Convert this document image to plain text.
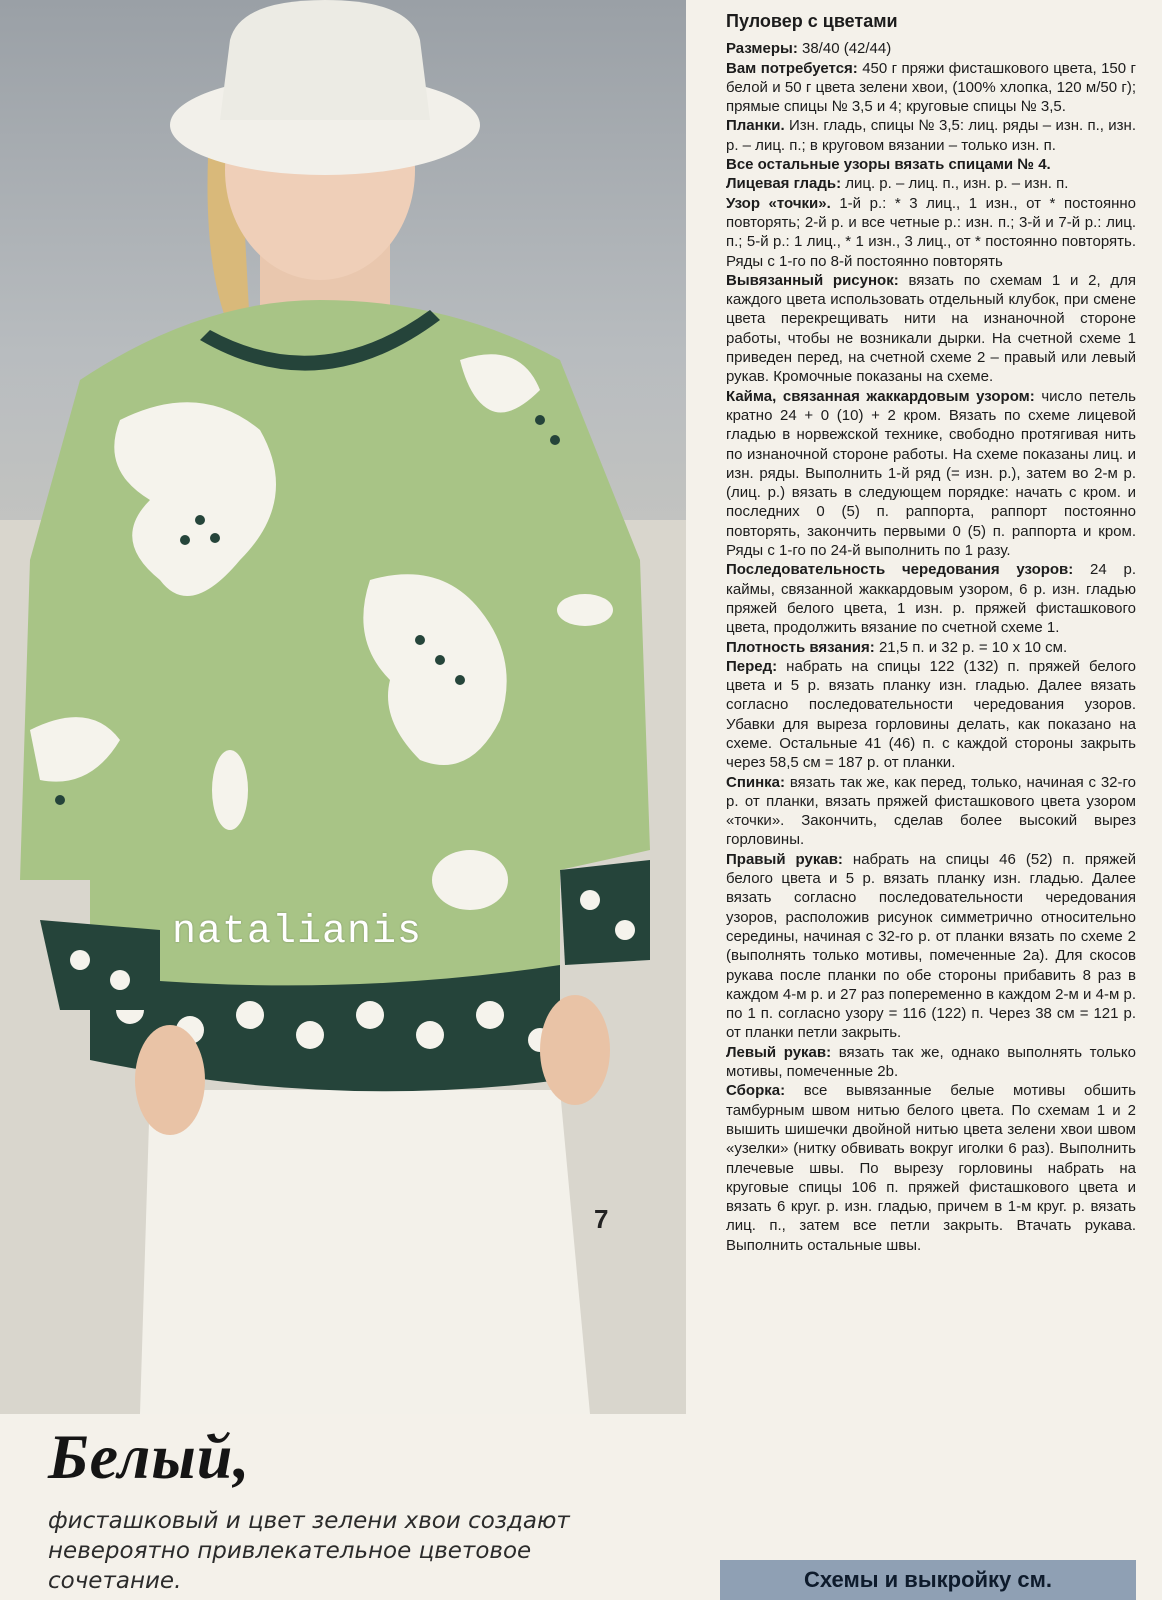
natalianis
7
Белый,
фисташковый и цвет зелени хвои создают невероятно привлекательное цветовое сочетание.
Пуловер с цветами

Размеры: 38/40 (42/44)

Вам потребуется: 450 г пряжи фисташкового цвета, 150 г белой и 50 г цвета зелени хвои, (100% хлопка, 120 м/50 г); прямые спицы № 3,5 и 4; круговые спицы № 3,5.

Планки. Изн. гладь, спицы № 3,5: лиц. ряды – изн. п., изн. р. – лиц. п.; в круговом вязании – только изн. п.

Все остальные узоры вязать спицами № 4.

Лицевая гладь: лиц. р. – лиц. п., изн. р. – изн. п.

Узор «точки». 1-й р.: * 3 лиц., 1 изн., от * постоянно повторять; 2-й р. и все четные р.: изн. п.; 3-й и 7-й р.: лиц. п.; 5-й р.: 1 лиц., * 1 изн., 3 лиц., от * постоянно повторять. Ряды с 1-го по 8-й постоянно повторять

Вывязанный рисунок: вязать по схемам 1 и 2, для каждого цвета использовать отдельный клубок, при смене цвета перекрещивать нити на изнаночной стороне работы, чтобы не возникали дырки. На счетной схеме 1 приведен перед, на счетной схеме 2 – правый или левый рукав. Кромочные показаны на схеме.

Кайма, связанная жаккардовым узором: число петель кратно 24 + 0 (10) + 2 кром. Вязать по схеме лицевой гладью в норвежской технике, свободно протягивая нить по изнаночной стороне работы. На схеме показаны лиц. и изн. ряды. Выполнить 1-й ряд (= изн. р.), затем во 2-м р. (лиц. р.) вязать в следующем порядке: начать с кром. и последних 0 (5) п. раппорта, раппорт постоянно повторять, закончить первыми 0 (5) п. раппорта и кром. Ряды с 1-го по 24-й выполнить по 1 разу.

Последовательность чередования узоров: 24 р. каймы, связанной жаккардовым узором, 6 р. изн. гладью пряжей белого цвета, 1 изн. р. пряжей фисташкового цвета, продолжить вязание по счетной схеме 1.

Плотность вязания: 21,5 п. и 32 р. = 10 х 10 см.

Перед: набрать на спицы 122 (132) п. пряжей белого цвета и 5 р. вязать планку изн. гладью. Далее вязать согласно последовательности чередования узоров. Убавки для выреза горловины делать, как показано на схеме. Остальные 41 (46) п. с каждой стороны закрыть через 58,5 см = 187 р. от планки.

Спинка: вязать так же, как перед, только, начиная с 32-го р. от планки, вязать пряжей фисташкового цвета узором «точки». Закончить, сделав более высокий вырез горловины.

Правый рукав: набрать на спицы 46 (52) п. пряжей белого цвета и 5 р. вязать планку изн. гладью. Далее вязать согласно последовательности чередования узоров, расположив рисунок симметрично относительно середины, начиная с 32-го р. от планки вязать по схеме 2 (выполнять только мотивы, помеченные 2а). Для скосов рукава после планки по обе стороны прибавить 8 раз в каждом 4-м р. и 27 раз попеременно в каждом 2-м и 4-м р. по 1 п. согласно узору = 116 (122) п. Через 38 см = 121 р. от планки петли закрыть.

Левый рукав: вязать так же, однако выполнять только мотивы, помеченные 2b.

Сборка: все вывязанные белые мотивы обшить тамбурным швом нитью белого цвета. По схемам 1 и 2 вышить шишечки двойной нитью цвета зелени хвои швом «узелки» (нитку обвивать вокруг иголки 6 раз). Выполнить плечевые швы. По вырезу горловины набрать на круговые спицы 106 п. пряжей фисташкового цвета и вязать 6 круг. р. изн. гладью, причем в 1-м круг. р. вязать лиц. п., затем все петли закрыть. Втачать рукава. Выполнить остальные швы.

Схемы и выкройку см.
